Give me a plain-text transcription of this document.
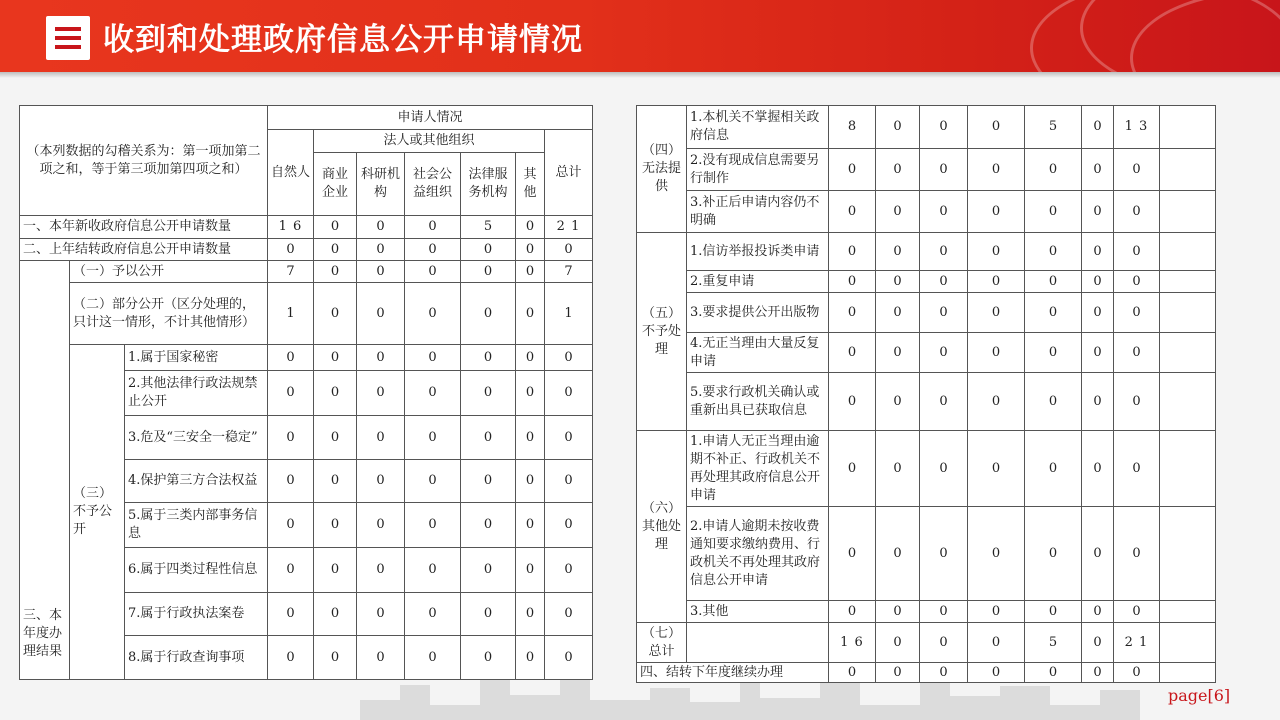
收到和处理政府信息公开申请情况
（本列数据的勾稽关系为：第一项加第二项之和，等于第三项加第四项之和）			申请人情况						
			自然人	法人或其他组织					总计
				商业企业	科研机构	社会公益组织	法律服务机构	其他	
一、本年新收政府信息公开申请数量			1 6	0	0	0	5	0	2 1
二、上年结转政府信息公开申请数量			0	0	0	0	0	0	0
三、本年度办理结果	（一）予以公开		7	0	0	0	0	0	7
	（二）部分公开（区分处理的，只计这一情形，不计其他情形）		1	0	0	0	0	0	1
	（三）不予公开	1.属于国家秘密	0	0	0	0	0	0	0
		2.其他法律行政法规禁止公开	0	0	0	0	0	0	0
		3.危及“三安全一稳定”	0	0	0	0	0	0	0
		4.保护第三方合法权益	0	0	0	0	0	0	0
		5.属于三类内部事务信息	0	0	0	0	0	0	0
		6.属于四类过程性信息	0	0	0	0	0	0	0
		7.属于行政执法案卷	0	0	0	0	0	0	0
		8.属于行政查询事项	0	0	0	0	0	0	0
（四）无法提供	1.本机关不掌握相关政府信息	8	0	0	0	5	0	1 3	
	2.没有现成信息需要另行制作	0	0	0	0	0	0	0	
	3.补正后申请内容仍不明确	0	0	0	0	0	0	0	
（五）不予处理	1.信访举报投诉类申请	0	0	0	0	0	0	0	
	2.重复申请	0	0	0	0	0	0	0	
	3.要求提供公开出版物	0	0	0	0	0	0	0	
	4.无正当理由大量反复申请	0	0	0	0	0	0	0	
	5.要求行政机关确认或重新出具已获取信息	0	0	0	0	0	0	0	
（六）其他处理	1.申请人无正当理由逾期不补正、行政机关不再处理其政府信息公开申请	0	0	0	0	0	0	0	
	2.申请人逾期未按收费通知要求缴纳费用、行政机关不再处理其政府信息公开申请	0	0	0	0	0	0	0	
	3.其他	0	0	0	0	0	0	0	
（七）总计		1 6	0	0	0	5	0	2 1	
四、结转下年度继续办理		0	0	0	0	0	0	0	
page[6]
